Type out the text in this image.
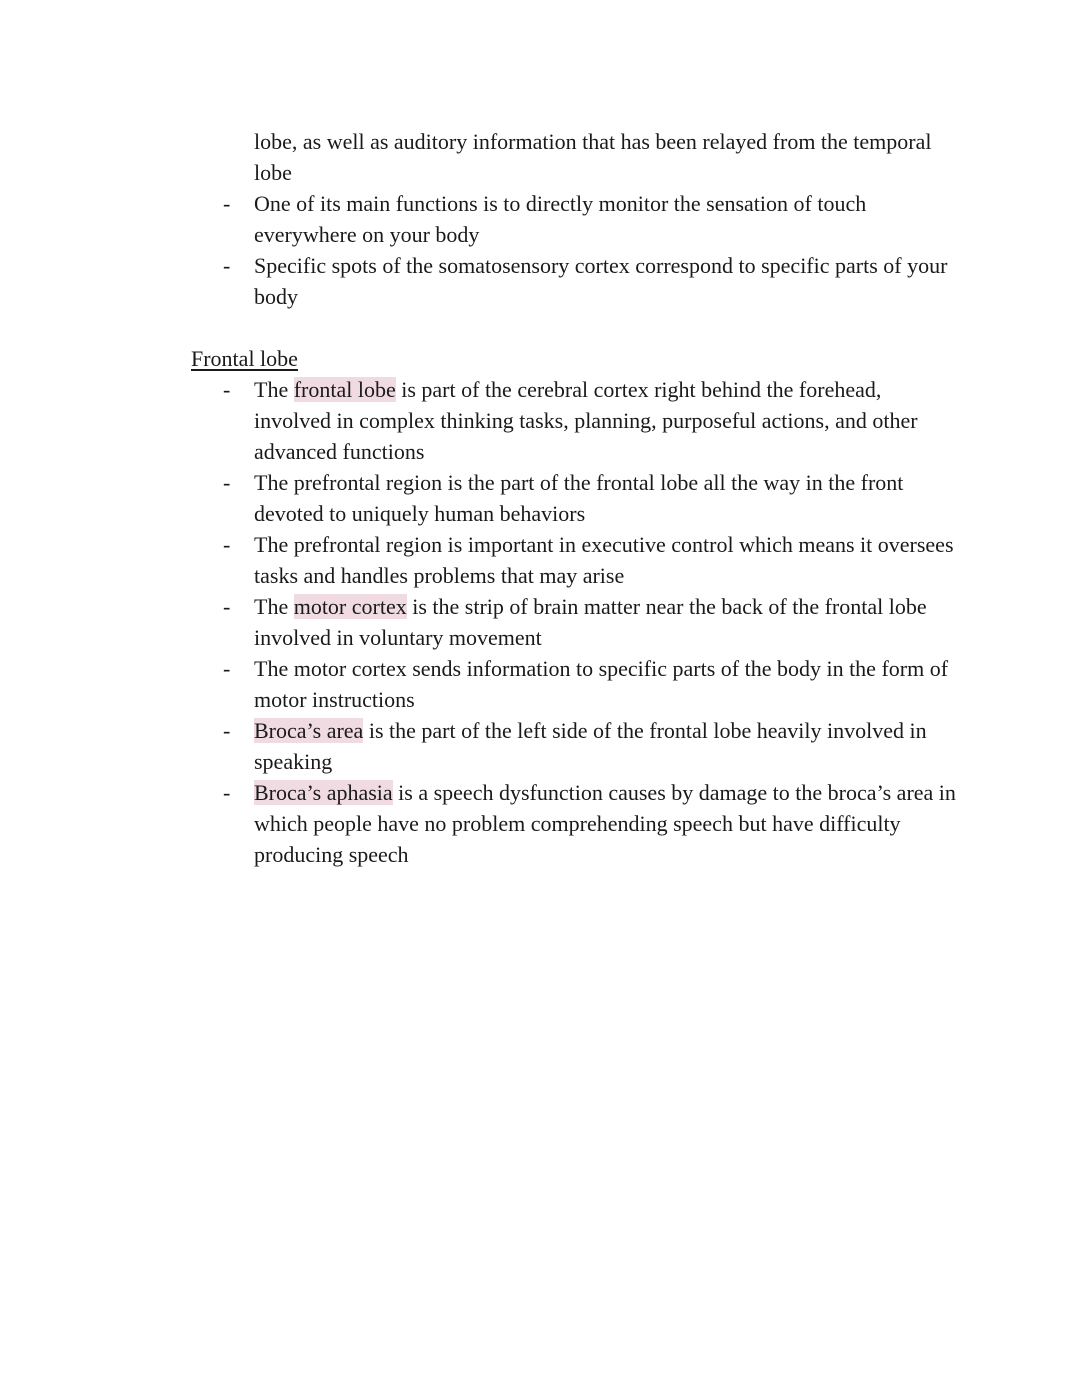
lobe, as well as auditory information that has been relayed from the temporal lobe
-	One of its main functions is to directly monitor the sensation of touch everywhere on your body
-	Specific spots of the somatosensory cortex correspond to specific parts of your body
Frontal lobe
-	The frontal lobe is part of the cerebral cortex right behind the forehead, involved in complex thinking tasks, planning, purposeful actions, and other advanced functions
-	The prefrontal region is the part of the frontal lobe all the way in the front devoted to uniquely human behaviors
-	The prefrontal region is important in executive control which means it oversees tasks and handles problems that may arise
-	The motor cortex is the strip of brain matter near the back of the frontal lobe involved in voluntary movement
-	The motor cortex sends information to specific parts of the body in the form of motor instructions
-	Broca’s area is the part of the left side of the frontal lobe heavily involved in speaking
-	Broca’s aphasia is a speech dysfunction causes by damage to the broca’s area in which people have no problem comprehending speech but have difficulty producing speech
